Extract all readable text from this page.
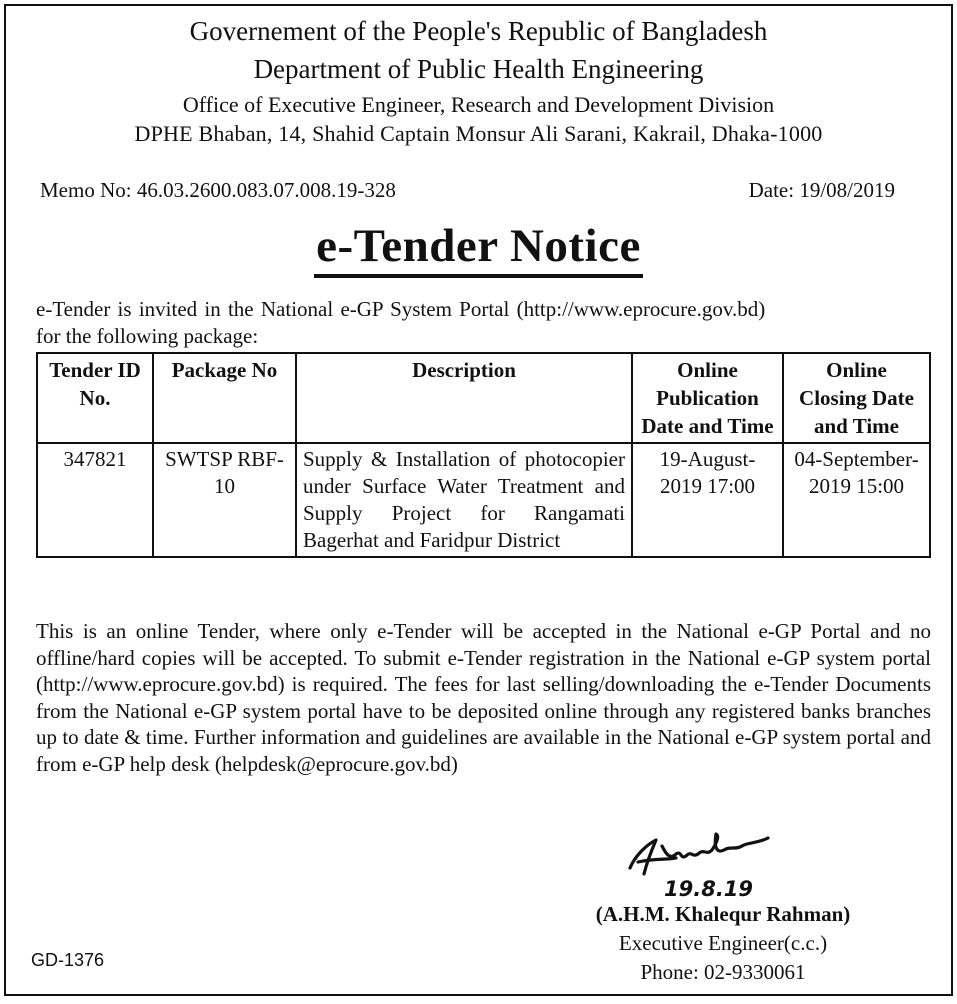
Governement of the People's Republic of Bangladesh
Department of Public Health Engineering
Office of Executive Engineer, Research and Development Division
DPHE Bhaban, 14, Shahid Captain Monsur Ali Sarani, Kakrail, Dhaka-1000
Memo No: 46.03.2600.083.07.008.19-328	Date: 19/08/2019
e-Tender Notice
e-Tender is invited in the National e-GP System Portal (http://www.eprocure.gov.bd)
for the following package:
Tender ID No.	Package No	Description	Online Publication Date and Time	Online Closing Date and Time
347821	SWTSP RBF-10	Supply & Installation of photocopier under Surface Water Treatment and Supply Project for Rangamati Bagerhat and Faridpur District	19-August-2019 17:00	04-September-2019 15:00
This is an online Tender, where only e-Tender will be accepted in the National e-GP Portal and no offline/hard copies will be accepted. To submit e-Tender registration in the National e-GP system portal (http://www.eprocure.gov.bd) is required. The fees for last selling/downloading the e-Tender Documents from the National e-GP system portal have to be deposited online through any registered banks branches up to date & time. Further information and guidelines are available in the National e-GP system portal and from e-GP help desk (helpdesk@eprocure.gov.bd)
19.8.19
(A.H.M. Khalequr Rahman)
Executive Engineer(c.c.)
Phone: 02-9330061
GD-1376
